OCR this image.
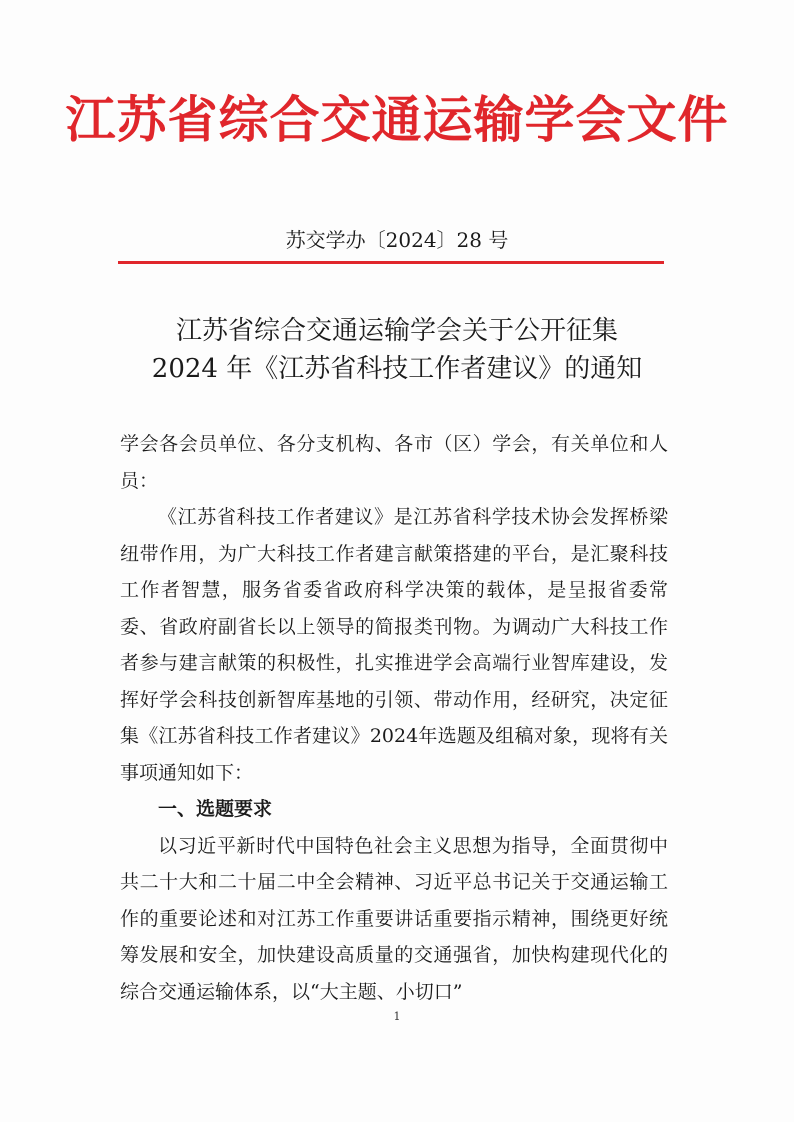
江苏省综合交通运输学会文件
苏交学办〔2024〕28 号
江苏省综合交通运输学会关于公开征集
2024 年《江苏省科技工作者建议》的通知

学会各会员单位、各分支机构、各市（区）学会，有关单位和人员：

《江苏省科技工作者建议》是江苏省科学技术协会发挥桥梁纽带作用，为广大科技工作者建言献策搭建的平台，是汇聚科技工作者智慧，服务省委省政府科学决策的载体，是呈报省委常委、省政府副省长以上领导的简报类刊物。为调动广大科技工作者参与建言献策的积极性，扎实推进学会高端行业智库建设，发挥好学会科技创新智库基地的引领、带动作用，经研究，决定征集《江苏省科技工作者建议》2024年选题及组稿对象，现将有关事项通知如下：

一、选题要求

以习近平新时代中国特色社会主义思想为指导，全面贯彻中共二十大和二十届二中全会精神、习近平总书记关于交通运输工作的重要论述和对江苏工作重要讲话重要指示精神，围绕更好统筹发展和安全，加快建设高质量的交通强省，加快构建现代化的综合交通运输体系，以“大主题、小切口”

1
